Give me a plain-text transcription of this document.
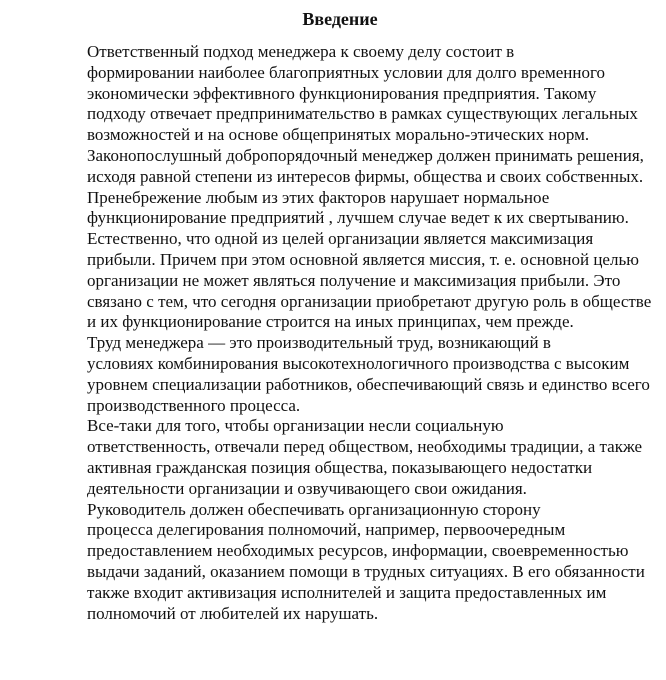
Введение
Ответственный подход менеджера к своему делу состоит в
формировании наиболее благоприятных условии для долго временного
экономически эффективного функционирования предприятия. Такому
подходу отвечает предпринимательство в рамках существующих легальных
возможностей и на основе общепринятых морально-этических норм.
Законопослушный добропорядочный менеджер должен принимать решения,
исходя равной степени из интересов фирмы, общества и своих собственных.
Пренебрежение любым из этих факторов нарушает нормальное
функционирование предприятий , лучшем случае ведет к их свертыванию.
Естественно, что одной из целей организации является максимизация
прибыли. Причем при этом основной является миссия, т. е. основной целью
организации не может являться получение и максимизация прибыли. Это
связано с тем, что сегодня организации приобретают другую роль в обществе
и их функционирование строится на иных принципах, чем прежде.
Труд менеджера — это производительный труд, возникающий в
условиях комбинирования высокотехнологичного производства с высоким
уровнем специализации работников, обеспечивающий связь и единство всего
производственного процесса.
Все-таки для того, чтобы организации несли социальную
ответственность, отвечали перед обществом, необходимы традиции, а также
активная гражданская позиция общества, показывающего недостатки
деятельности организации и озвучивающего свои ожидания.
Руководитель должен обеспечивать организационную сторону
процесса делегирования полномочий, например, первоочередным
предоставлением необходимых ресурсов, информации, своевременностью
выдачи заданий, оказанием помощи в трудных ситуациях. В его обязанности
также входит активизация исполнителей и защита предоставленных им
полномочий от любителей их нарушать.
